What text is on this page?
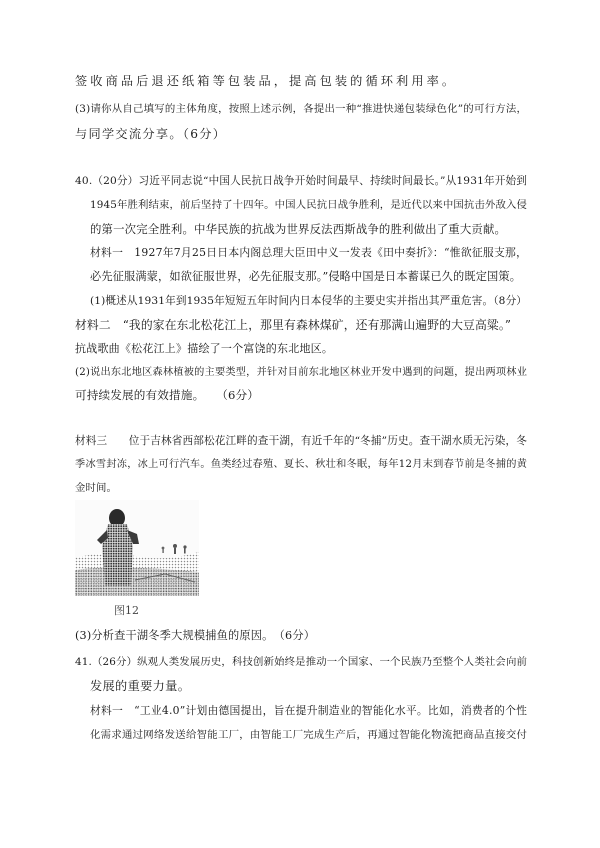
签收商品后退还纸箱等包装品，提高包装的循环利用率。
(3)请你从自己填写的主体角度，按照上述示例，各提出一种“推进快递包装绿色化”的可行方法，
与同学交流分享。（6分）
40.（20分）习近平同志说“中国人民抗日战争开始时间最早、持续时间最长。”从1931年开始到
1945年胜利结束，前后坚持了十四年。中国人民抗日战争胜利，是近代以来中国抗击外敌入侵
的第一次完全胜利。中华民族的抗战为世界反法西斯战争的胜利做出了重大贡献。
材料一　1927年7月25日日本内阁总理大臣田中义一发表《田中奏折》：“惟欲征服支那，
必先征服满蒙，如欲征服世界，必先征服支那。”侵略中国是日本蓄谋已久的既定国策。
(1)概述从1931年到1935年短短五年时间内日本侵华的主要史实并指出其严重危害。（8分）
材料二　“我的家在东北松花江上，那里有森林煤矿，还有那满山遍野的大豆高粱。”
抗战歌曲《松花江上》描绘了一个富饶的东北地区。
(2)说出东北地区森林植被的主要类型，并针对目前东北地区林业开发中遇到的问题，提出两项林业
可持续发展的有效措施。　　（6分）
材料三　　位于吉林省西部松花江畔的查干湖，有近千年的“冬捕”历史。查干湖水质无污染，冬
季冰雪封冻，冰上可行汽车。鱼类经过春殖、夏长、秋壮和冬眠，每年12月末到春节前是冬捕的黄
金时间。
图12
(3)分析查干湖冬季大规模捕鱼的原因。　（6分）
41.（26分）纵观人类发展历史，科技创新始终是推动一个国家、一个民族乃至整个人类社会向前
发展的重要力量。
材料一　“工业4.0”计划由德国提出，旨在提升制造业的智能化水平。比如，消费者的个性
化需求通过网络发送给智能工厂，由智能工厂完成生产后，再通过智能化物流把商品直接交付
